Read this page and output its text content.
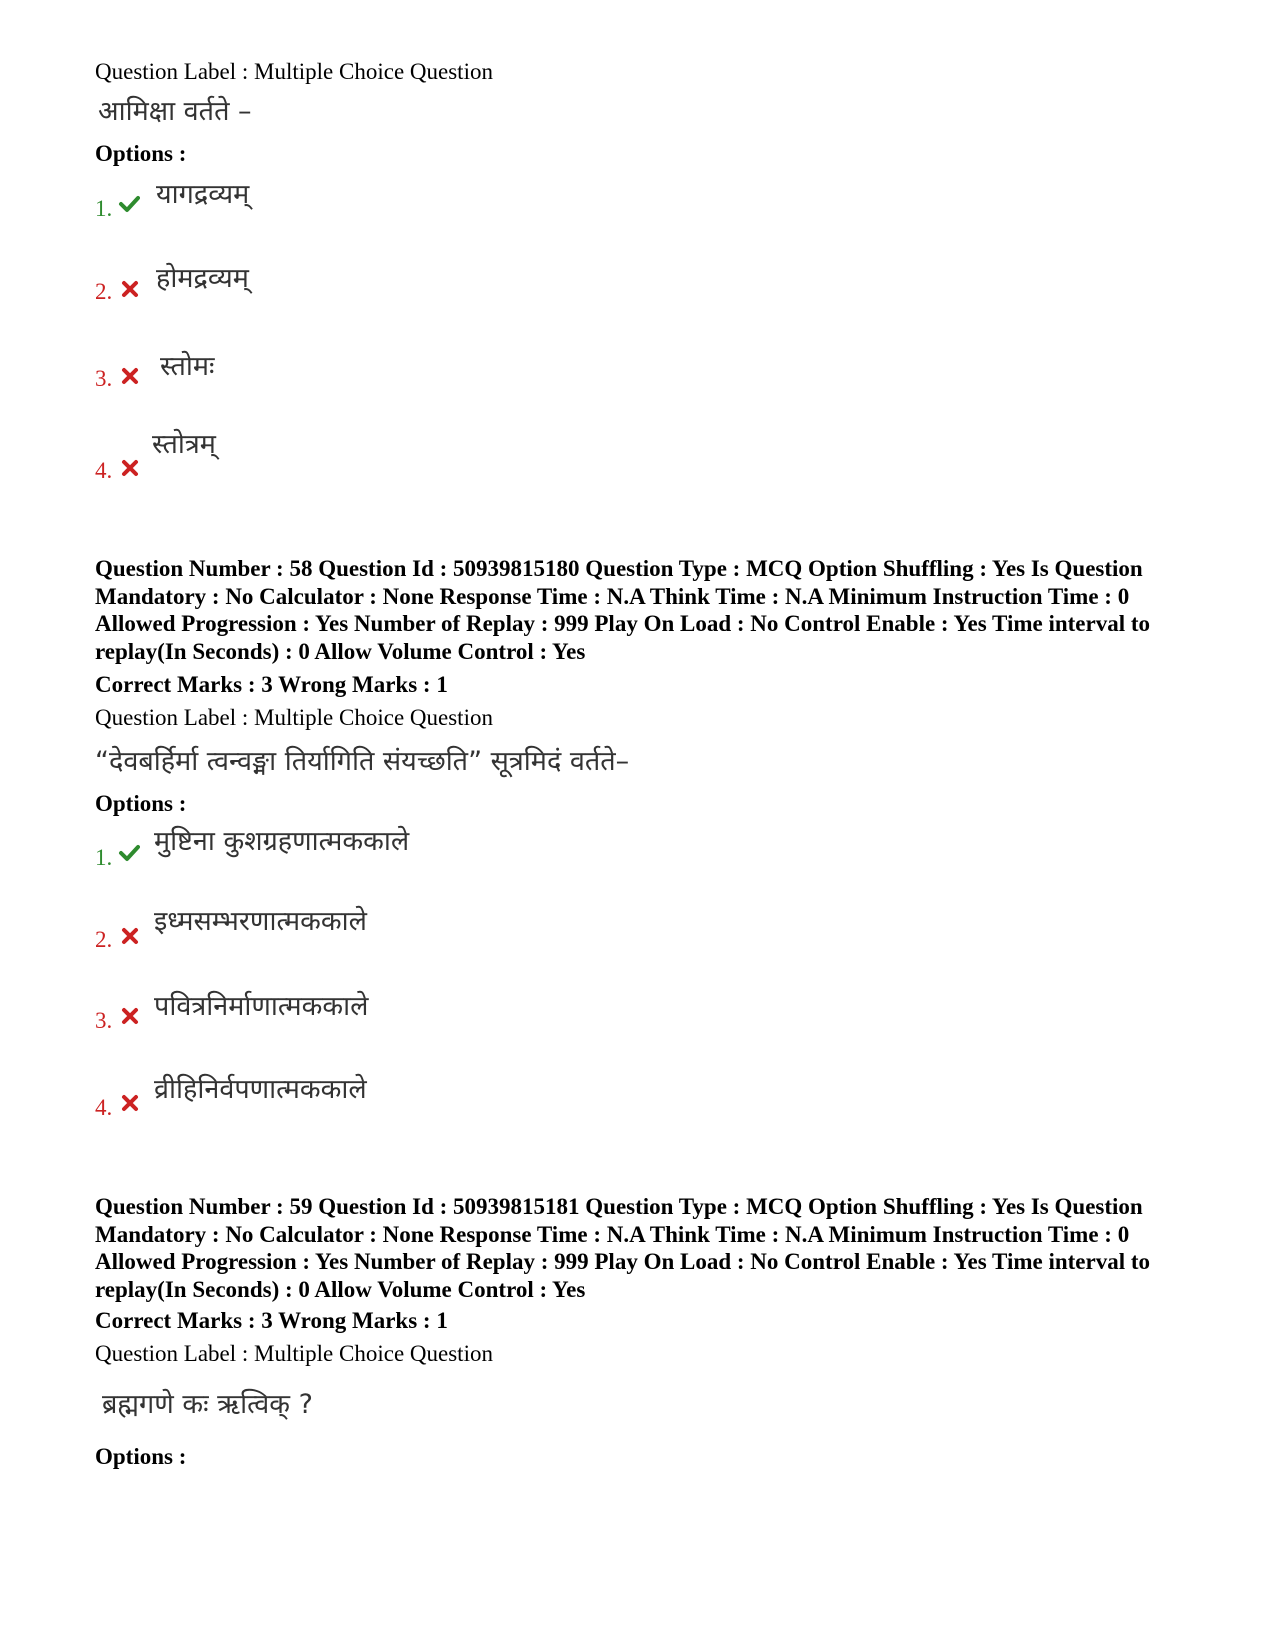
Question Label : Multiple Choice Question
आमिक्षा वर्तते –
Options :
1. यागद्रव्यम्
2. होमद्रव्यम्
3. स्तोमः
4.
स्तोत्रम्
Question Number : 58 Question Id : 50939815180 Question Type : MCQ Option Shuffling : Yes Is Question Mandatory : No Calculator : None Response Time : N.A Think Time : N.A Minimum Instruction Time : 0 Allowed Progression : Yes Number of Replay : 999 Play On Load : No Control Enable : Yes Time interval to replay(In Seconds) : 0 Allow Volume Control : Yes
Correct Marks : 3 Wrong Marks : 1
Question Label : Multiple Choice Question
“देवबर्हिर्मा त्वन्वङ्मा तिर्यागिति संयच्छति” सूत्रमिदं वर्तते–
Options :
1.
मुष्टिना कुशग्रहणात्मककाले
2.
इध्मसम्भरणात्मककाले
3. पवित्रनिर्माणात्मककाले
4.
व्रीहिनिर्वपणात्मककाले
Question Number : 59 Question Id : 50939815181 Question Type : MCQ Option Shuffling : Yes Is Question Mandatory : No Calculator : None Response Time : N.A Think Time : N.A Minimum Instruction Time : 0 Allowed Progression : Yes Number of Replay : 999 Play On Load : No Control Enable : Yes Time interval to replay(In Seconds) : 0 Allow Volume Control : Yes
Correct Marks : 3 Wrong Marks : 1
Question Label : Multiple Choice Question
ब्रह्मगणे कः ऋत्विक् ?
Options :
